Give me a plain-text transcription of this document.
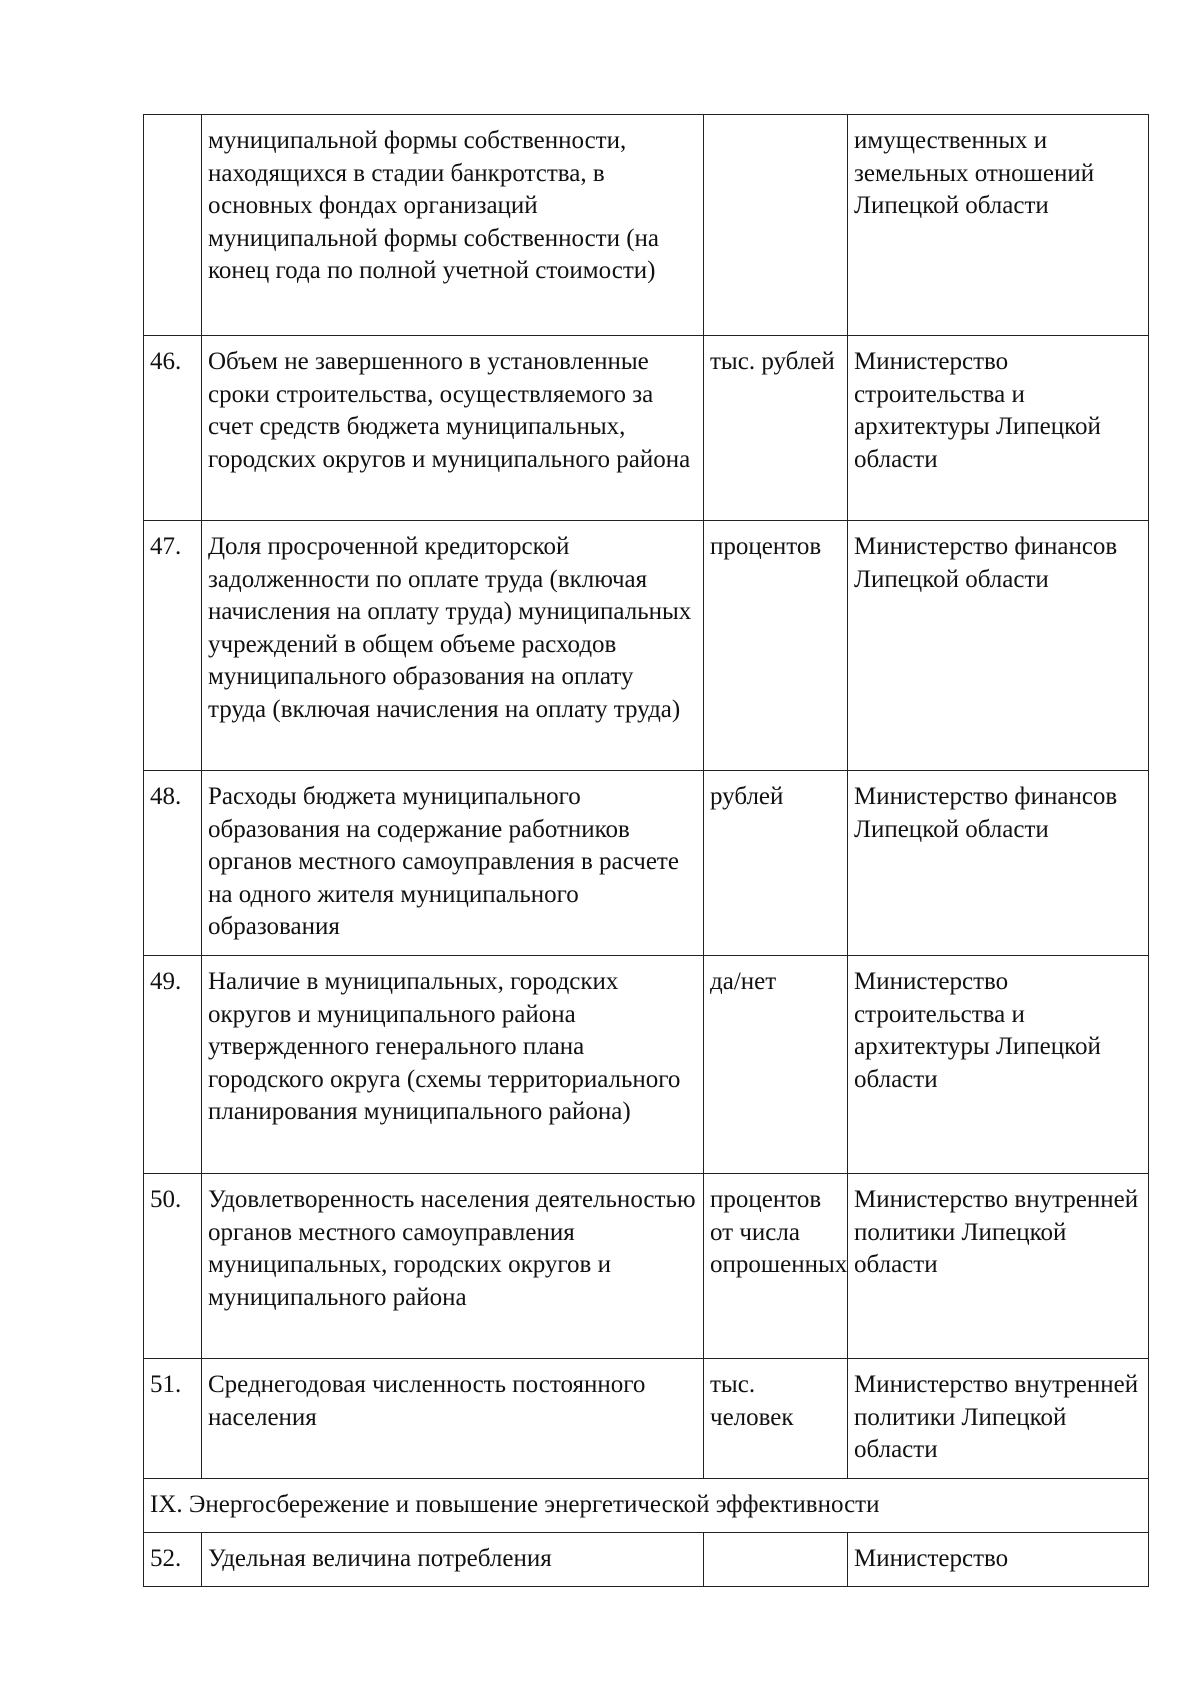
	муниципальной формы собственности, находящихся в стадии банкротства, в основных фондах организаций муниципальной формы собственности (на конец года по полной учетной стоимости)		имущественных и земельных отношений Липецкой области
46.	Объем не завершенного в установленные сроки строительства, осуществляемого за счет средств бюджета муниципальных, городских округов и муниципального района	тыс. рублей	Министерство строительства и архитектуры Липецкой области
47.	Доля просроченной кредиторской задолженности по оплате труда (включая начисления на оплату труда) муниципальных учреждений в общем объеме расходов муниципального образования на оплату труда (включая начисления на оплату труда)	процентов	Министерство финансов Липецкой области
48.	Расходы бюджета муниципального образования на содержание работников органов местного самоуправления в расчете на одного жителя муниципального образования	рублей	Министерство финансов Липецкой области
49.	Наличие в муниципальных, городских округов и муниципального района утвержденного генерального плана городского округа (схемы территориального планирования муниципального района)	да/нет	Министерство строительства и архитектуры Липецкой области
50.	Удовлетворенность населения деятельностью органов местного самоуправления муниципальных, городских округов и муниципального района	процентов от числа опрошенных	Министерство внутренней политики Липецкой области
51.	Среднегодовая численность постоянного населения	тыс. человек	Министерство внутренней политики Липецкой области
IX. Энергосбережение и повышение энергетической эффективности			
52.	Удельная величина потребления		Министерство
